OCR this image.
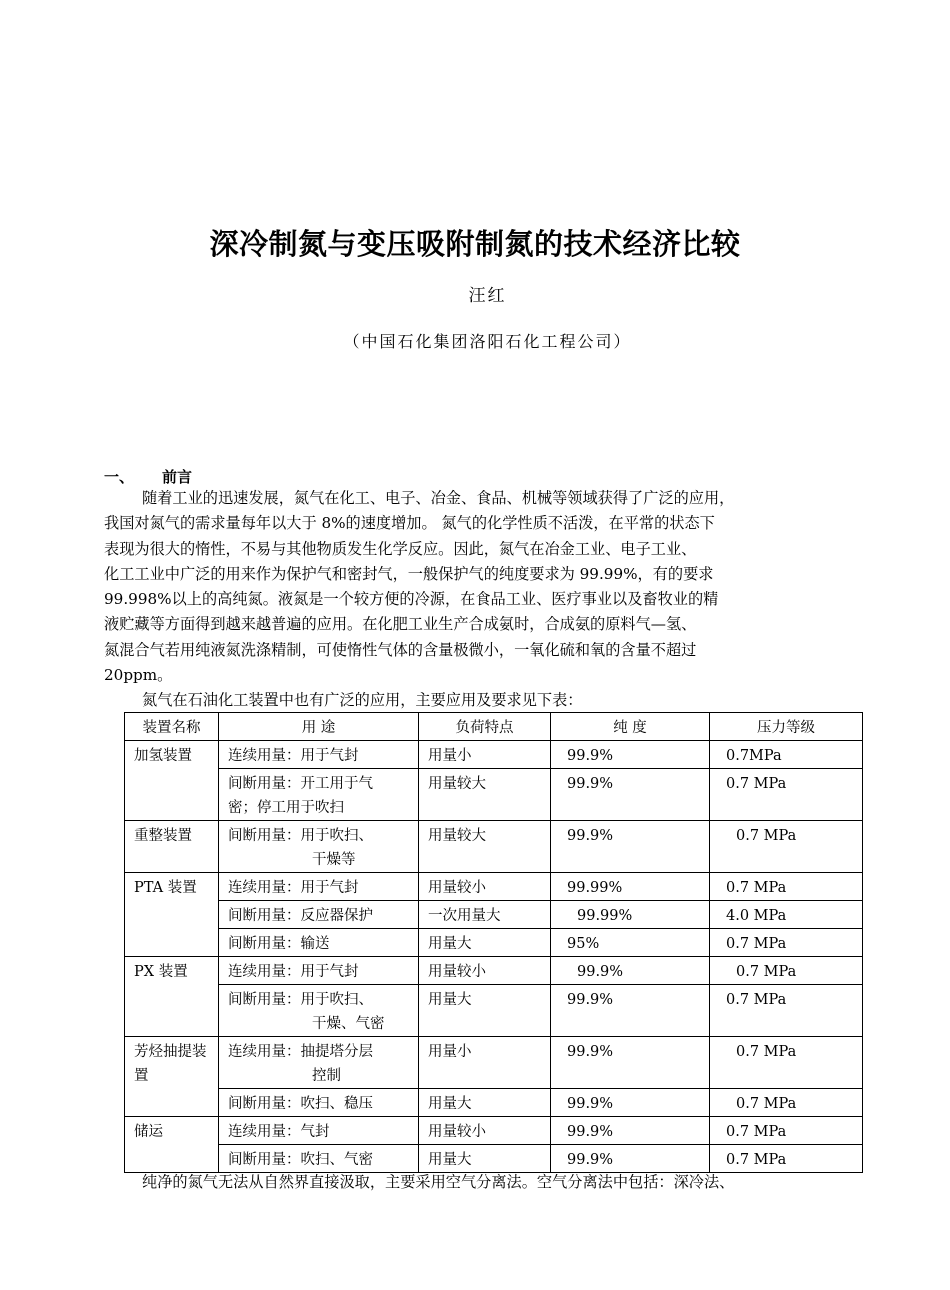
深冷制氮与变压吸附制氮的技术经济比较
汪红
（中国石化集团洛阳石化工程公司）
一、 前言
随着工业的迅速发展，氮气在化工、电子、冶金、食品、机械等领域获得了广泛的应用，
我国对氮气的需求量每年以大于 8%的速度增加。 氮气的化学性质不活泼，在平常的状态下
表现为很大的惰性，不易与其他物质发生化学反应。因此，氮气在冶金工业、电子工业、
化工工业中广泛的用来作为保护气和密封气，一般保护气的纯度要求为 99.99%，有的要求
99.998%以上的高纯氮。液氮是一个较方便的冷源，在食品工业、医疗事业以及畜牧业的精
液贮藏等方面得到越来越普遍的应用。在化肥工业生产合成氨时，合成氨的原料气—氢、
氮混合气若用纯液氮洗涤精制，可使惰性气体的含量极微小，一氧化硫和氧的含量不超过
20ppm。
氮气在石油化工装置中也有广泛的应用，主要应用及要求见下表：
装置名称	用 途	负荷特点	纯 度	压力等级
加氢装置	连续用量：用于气封	用量小	99.9%	0.7MPa
	间断用量：开工用于气
密；停工用于吹扫	用量较大	99.9%	0.7 MPa
重整装置	间断用量：用于吹扫、
干燥等	用量较大	99.9%	0.7 MPa
PTA 装置	连续用量：用于气封	用量较小	99.99%	0.7 MPa
	间断用量：反应器保护	一次用量大	99.99%	4.0 MPa
	间断用量：输送	用量大	95%	0.7 MPa
PX 装置	连续用量：用于气封	用量较小	99.9%	0.7 MPa
	间断用量：用于吹扫、
干燥、气密	用量大	99.9%	0.7 MPa
芳烃抽提装置	连续用量：抽提塔分层
控制	用量小	99.9%	0.7 MPa
	间断用量：吹扫、稳压	用量大	99.9%	0.7 MPa
储运	连续用量：气封	用量较小	99.9%	0.7 MPa
	间断用量：吹扫、气密	用量大	99.9%	0.7 MPa
纯净的氮气无法从自然界直接汲取，主要采用空气分离法。空气分离法中包括：深冷法、
